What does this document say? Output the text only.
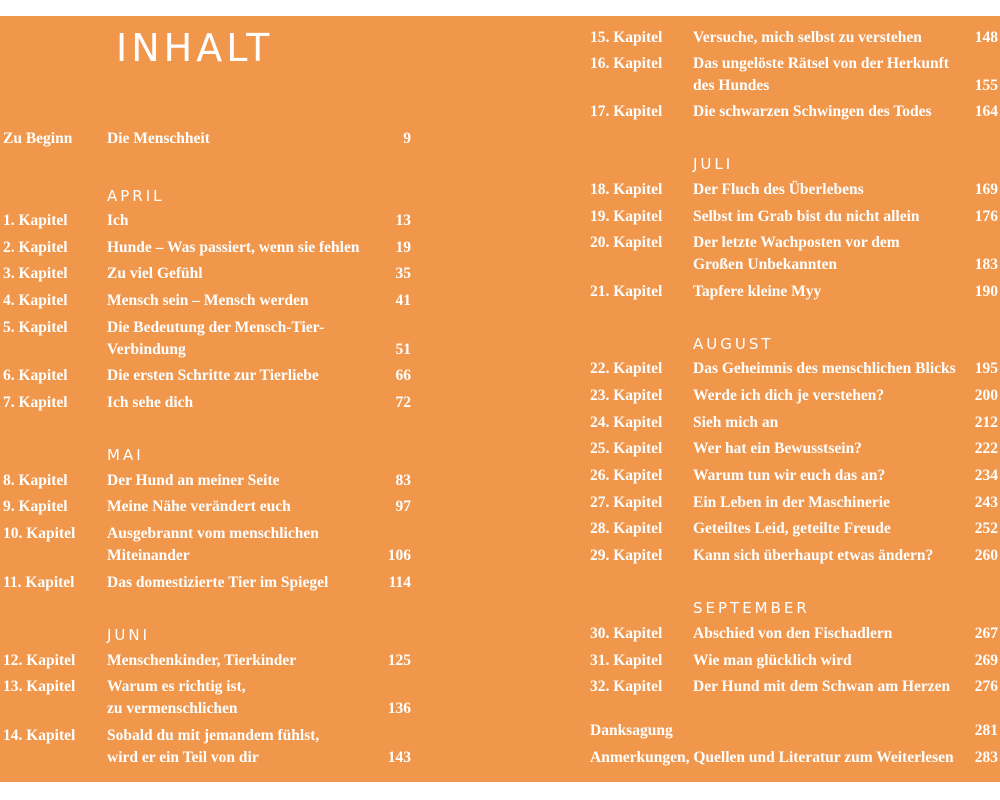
INHALT
Zu Beginn Die Menschheit	9
APRIL
1. Kapitel	Ich	13
2. Kapitel	Hunde – Was passiert, wenn sie fehlen 19
3. Kapitel	Zu viel Gefühl	35
4. Kapitel	Mensch sein – Mensch werden	41
5. Kapitel	Die Bedeutung der Mensch-Tier-
Verbindung	51
6. Kapitel	Die ersten Schritte zur Tierliebe	66
7. Kapitel	Ich sehe dich	72
MAI
8. Kapitel	Der Hund an meiner Seite	83
9. Kapitel	Meine Nähe verändert euch	97
10. Kapitel Ausgebrannt vom menschlichen
Miteinander	106
11. Kapitel Das domestizierte Tier im Spiegel	114
JUNI
12. Kapitel Menschenkinder, Tierkinder	125
13. Kapitel Warum es richtig ist,
zu vermenschlichen	136
14. Kapitel Sobald du mit jemandem fühlst,
wird er ein Teil von dir	143
15. Kapitel Versuche, mich selbst zu verstehen	148
16. Kapitel Das ungelöste Rätsel von der Herkunft
des Hundes	155
17. Kapitel Die schwarzen Schwingen des Todes	164
JULI
18. Kapitel Der Fluch des Überlebens	169
19. Kapitel Selbst im Grab bist du nicht allein	176
20. Kapitel Der letzte Wachposten vor dem
Großen Unbekannten	183
21. Kapitel Tapfere kleine Myy	190
AUGUST
22. Kapitel Das Geheimnis des menschlichen Blicks 195
23. Kapitel Werde ich dich je verstehen?	200
24. Kapitel Sieh mich an	212
25. Kapitel Wer hat ein Bewusstsein?	222
26. Kapitel Warum tun wir euch das an?	234
27. Kapitel Ein Leben in der Maschinerie	243
28. Kapitel Geteiltes Leid, geteilte Freude	252
29. Kapitel Kann sich überhaupt etwas ändern?	260
SEPTEMBER
30. Kapitel Abschied von den Fischadlern	267
31. Kapitel Wie man glücklich wird	269
32. Kapitel Der Hund mit dem Schwan am Herzen 276
Danksagung	281
Anmerkungen, Quellen und Literatur zum Weiterlesen 283
